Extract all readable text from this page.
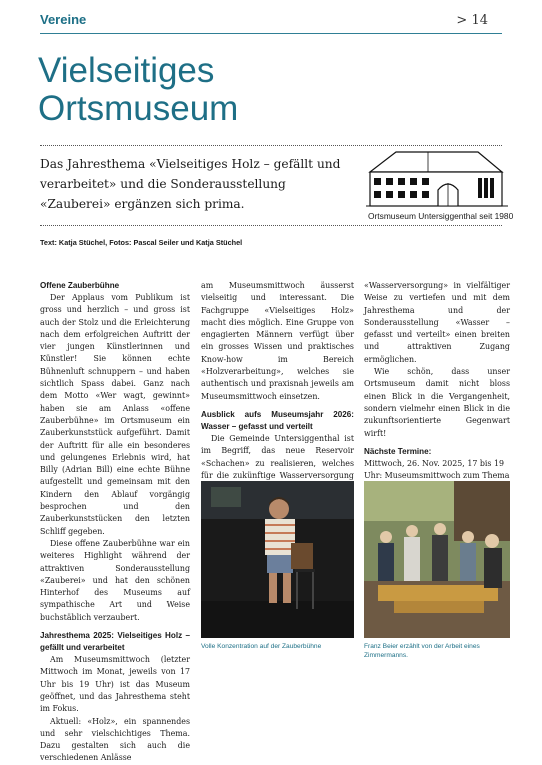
Vereine	> 14
Vielseitiges
Ortsmuseum

Das Jahresthema «Vielseitiges Holz – gefällt und verarbeitet» und die Sonderausstellung «Zauberei» ergänzen sich prima.

Ortsmuseum Untersiggenthal seit 1980
Text: Katja Stüchel, Fotos: Pascal Seiler und Katja Stüchel
Offene Zauberbühne

Der Applaus vom Publikum ist gross und herzlich – und gross ist auch der Stolz und die Erleichterung nach dem erfolgreichen Auftritt der vier jungen Künstlerinnen und Künstler! Sie können echte Bühnenluft schnuppern – und haben sichtlich Spass dabei. Ganz nach dem Motto «Wer wagt, gewinnt» haben sie am Anlass «offene Zauberbühne» im Ortsmuseum ein Zauberkunststück aufgeführt. Damit der Auftritt für alle ein besonderes und gelungenes Erlebnis wird, hat Billy (Adrian Bill) eine echte Bühne aufgestellt und gemeinsam mit den Kindern den Ablauf vorgängig besprochen und den Zauberkunststücken den letzten Schliff gegeben.

Diese offene Zauberbühne war ein weiteres Highlight während der attraktiven Sonderausstellung «Zauberei» und hat den schönen Hinterhof des Museums auf sympathische Art und Weise buchstäblich verzaubert.

Jahresthema 2025: Vielseitiges Holz – gefällt und verarbeitet

Am Museumsmittwoch (letzter Mittwoch im Monat, jeweils von 17 Uhr bis 19 Uhr) ist das Museum geöffnet, und das Jahresthema steht im Fokus.

Aktuell: «Holz», ein spannendes und sehr vielschichtiges Thema. Dazu gestalten sich auch die verschiedenen Anlässe

am Museumsmittwoch äusserst vielseitig und interessant. Die Fachgruppe «Vielseitiges Holz» macht dies möglich. Eine Gruppe von engagierten Männern verfügt über ein grosses Wissen und praktisches Know-how im Bereich «Holzverarbeitung», welches sie authentisch und praxisnah jeweils am Museumsmittwoch einsetzen.

Ausblick aufs Museumsjahr 2026: Wasser – gefasst und verteilt

Die Gemeinde Untersiggenthal ist im Begriff, das neue Reservoir «Schachen» zu realisieren, welches für die zukünftige Wasserversorgung

«Wasserversorgung» in vielfältiger Weise zu vertiefen und mit dem Jahresthema und der Sonderausstellung «Wasser – gefasst und verteilt» einen breiten und attraktiven Zugang ermöglichen.

Wie schön, dass unser Ortsmuseum damit nicht bloss einen Blick in die Vergangenheit, sondern vielmehr einen Blick in die zukunftsorientierte Gegenwart wirft!

Nächste Termine:

Mittwoch, 26. Nov. 2025, 17 bis 19 Uhr: Museumsmittwoch zum Thema

Volle Konzentration auf der Zauberbühne	Franz Beier erzählt von der Arbeit eines Zimmermanns.
